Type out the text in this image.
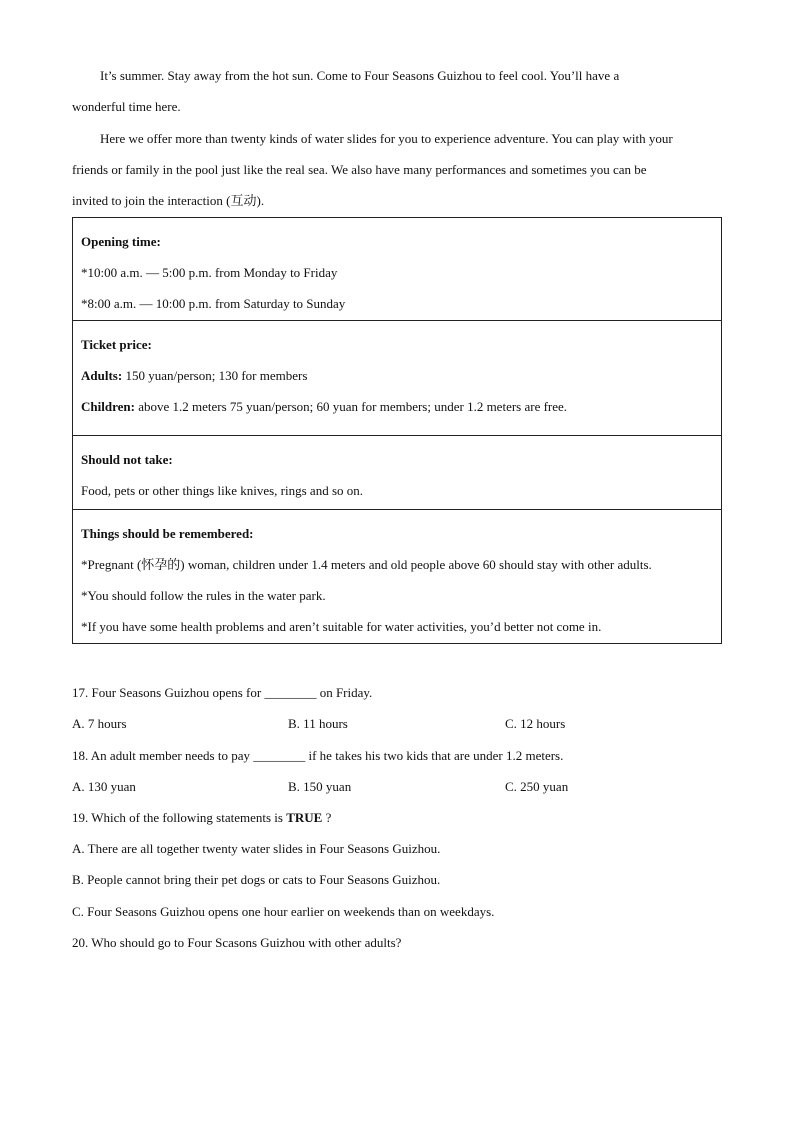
It’s summer. Stay away from the hot sun. Come to Four Seasons Guizhou to feel cool. You’ll have a
wonderful time here.
Here we offer more than twenty kinds of water slides for you to experience adventure. You can play with your
friends or family in the pool just like the real sea. We also have many performances and sometimes you can be
invited to join the interaction (互动).
Opening time:
*10:00 a.m. — 5:00 p.m. from Monday to Friday
*8:00 a.m. — 10:00 p.m. from Saturday to Sunday
Ticket price:
Adults: 150 yuan/person; 130 for members
Children: above 1.2 meters 75 yuan/person; 60 yuan for members; under 1.2 meters are free.
Should not take:
Food, pets or other things like knives, rings and so on.
Things should be remembered:
*Pregnant (怀孕的) woman, children under 1.4 meters and old people above 60 should stay with other adults.
*You should follow the rules in the water park.
*If you have some health problems and aren’t suitable for water activities, you’d better not come in.
17. Four Seasons Guizhou opens for ________ on Friday.
A. 7 hours	B. 11 hours	C. 12 hours
18. An adult member needs to pay ________ if he takes his two kids that are under 1.2 meters.
A. 130 yuan	B. 150 yuan	C. 250 yuan
19. Which of the following statements is TRUE ?
A. There are all together twenty water slides in Four Seasons Guizhou.
B. People cannot bring their pet dogs or cats to Four Seasons Guizhou.
C. Four Seasons Guizhou opens one hour earlier on weekends than on weekdays.
20. Who should go to Four Scasons Guizhou with other adults?
